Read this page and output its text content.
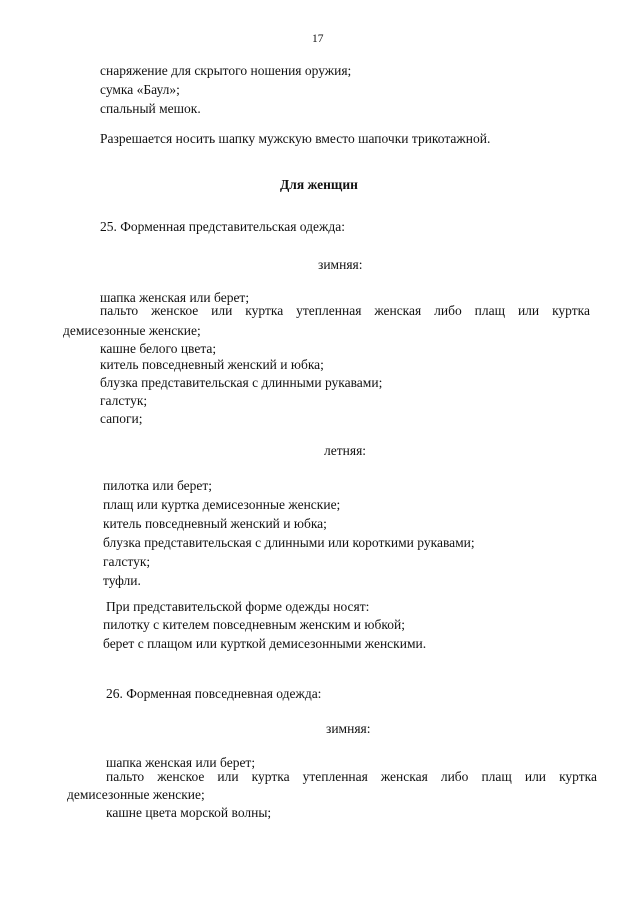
17
снаряжение для скрытого ношения оружия;
сумка «Баул»;
спальный мешок.
Разрешается носить шапку мужскую вместо шапочки трикотажной.
Для женщин
25. Форменная представительская одежда:
зимняя:
шапка женская или берет;
пальто женское или куртка утепленная женская либо плащ или куртка
демисезонные женские;
кашне белого цвета;
китель повседневный женский и юбка;
блузка представительская с длинными рукавами;
галстук;
сапоги;
летняя:
пилотка или берет;
плащ или куртка демисезонные женские;
китель повседневный женский и юбка;
блузка представительская с длинными или короткими рукавами;
галстук;
туфли.
При представительской форме одежды носят:
пилотку с кителем повседневным женским и юбкой;
берет с плащом или курткой демисезонными женскими.
26. Форменная повседневная одежда:
зимняя:
шапка женская или берет;
пальто женское или куртка утепленная женская либо плащ или куртка
демисезонные женские;
кашне цвета морской волны;
